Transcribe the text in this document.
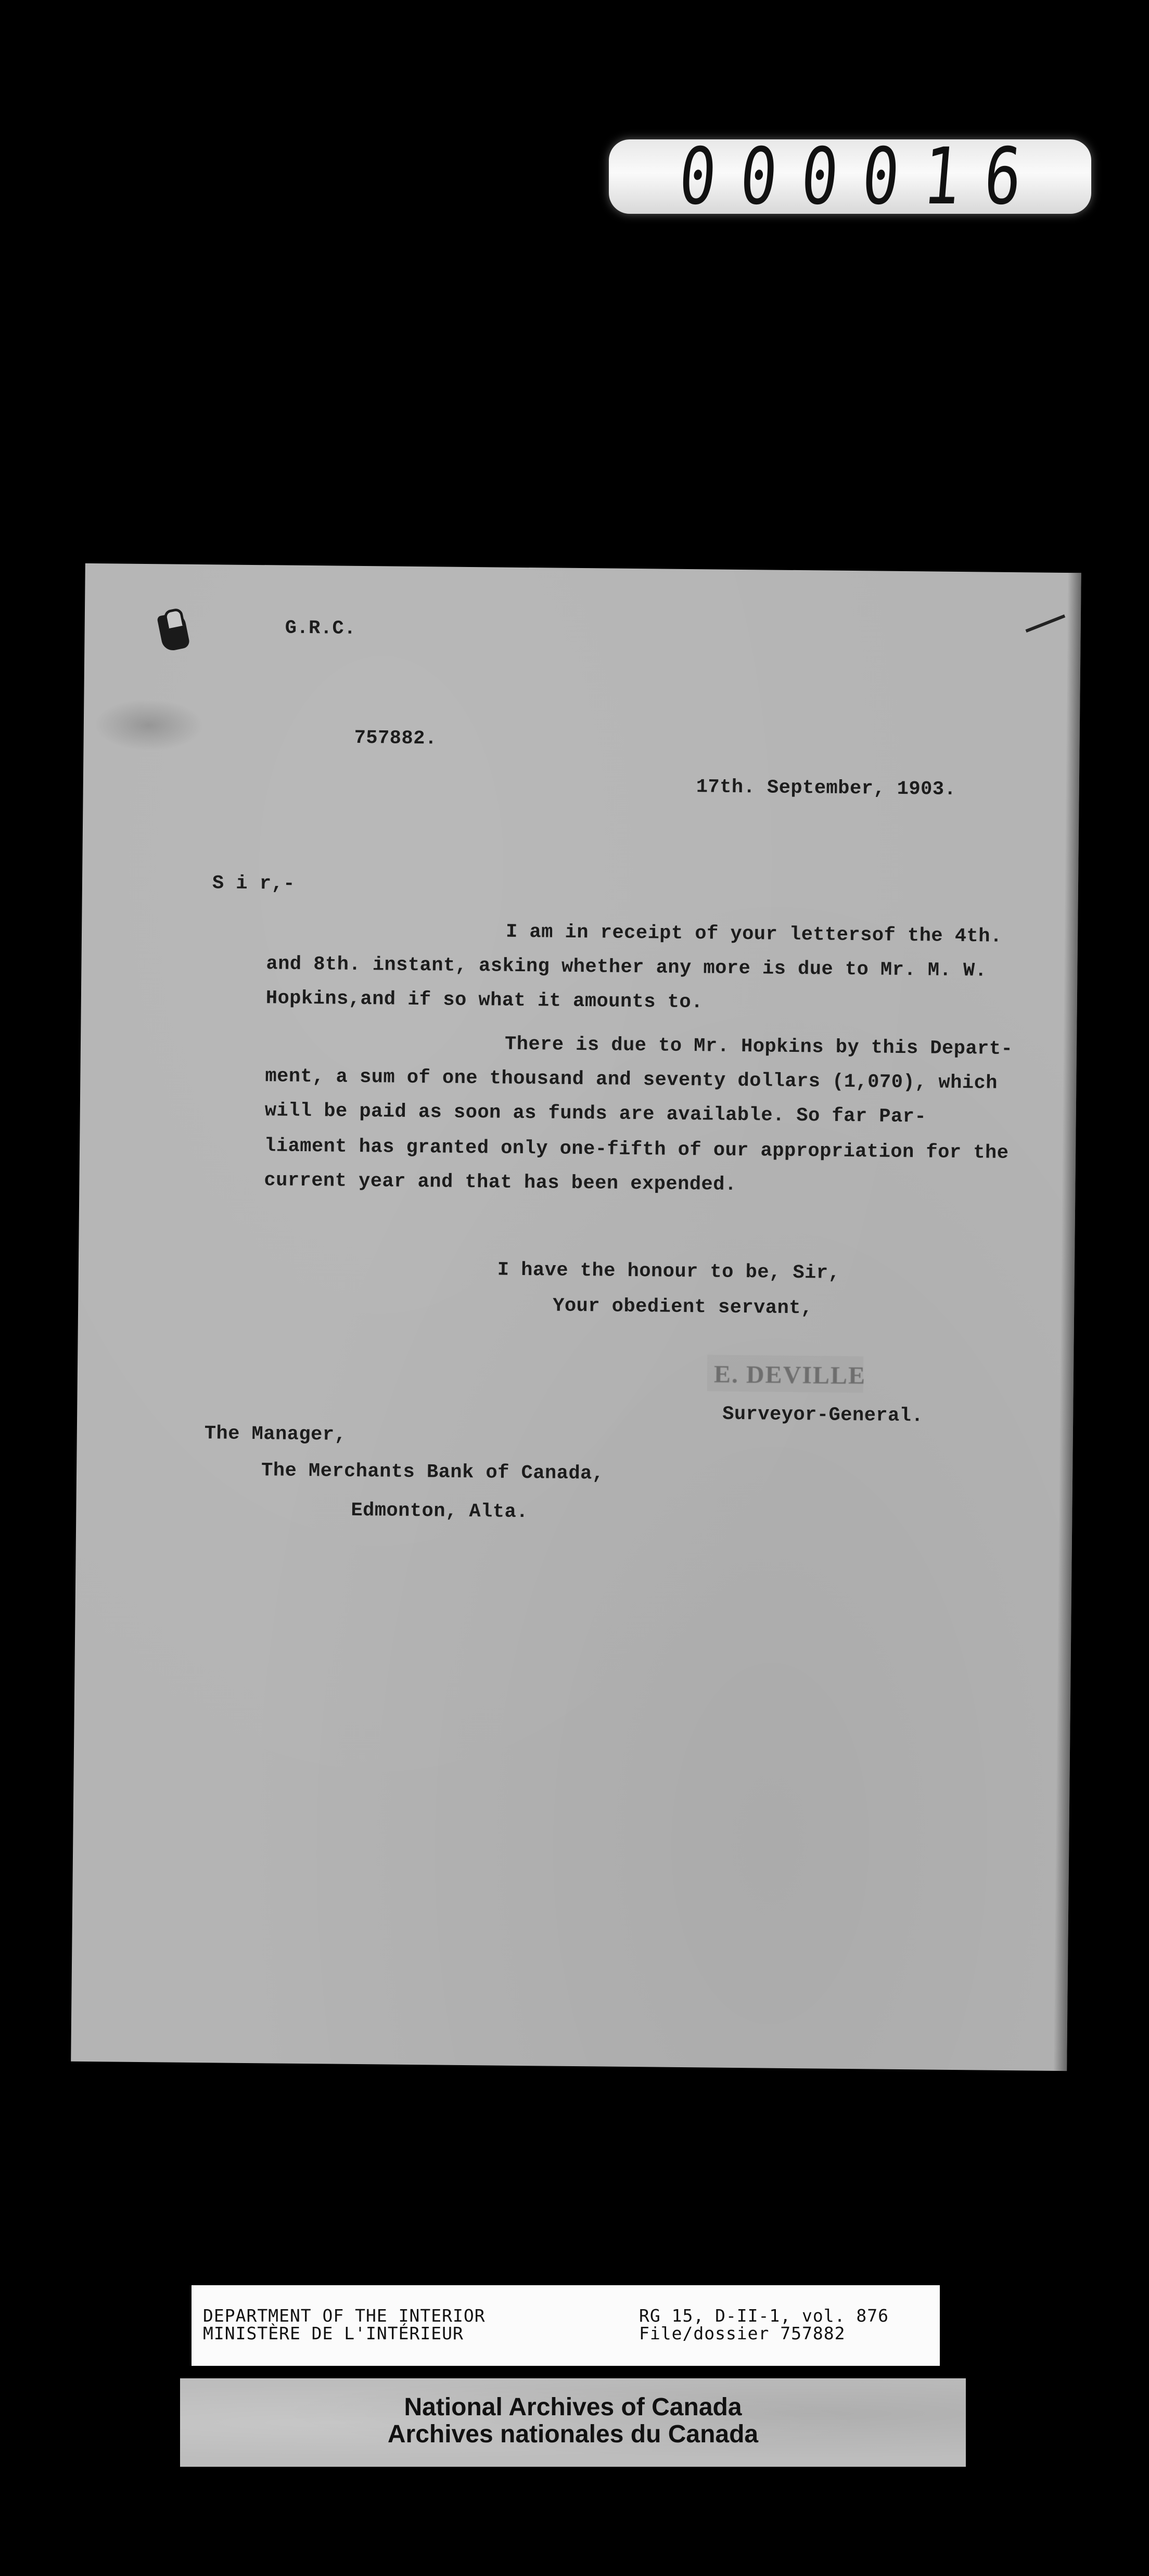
000016
G.R.C.
757882.
17th. September, 1903.
S i r,-
I am in receipt of your lettersof the 4th.
and 8th. instant, asking whether any more is due to Mr. M. W.
Hopkins,and if so what it amounts to.
There is due to Mr. Hopkins by this Depart-
ment, a sum of one thousand and seventy dollars (1,070), which
will be paid as soon as funds are available. So far Par-
liament has granted only one-fifth of our appropriation for the
current year and that has been expended.
I have the honour to be, Sir,
Your obedient servant,
E. DEVILLE
Surveyor-General.
The Manager,
The Merchants Bank of Canada,
Edmonton, Alta.
DEPARTMENT OF THE INTERIOR
MINISTÈRE DE L'INTÉRIEUR
RG 15, D-II-1, vol. 876
File/dossier 757882
National Archives of Canada
Archives nationales du Canada
